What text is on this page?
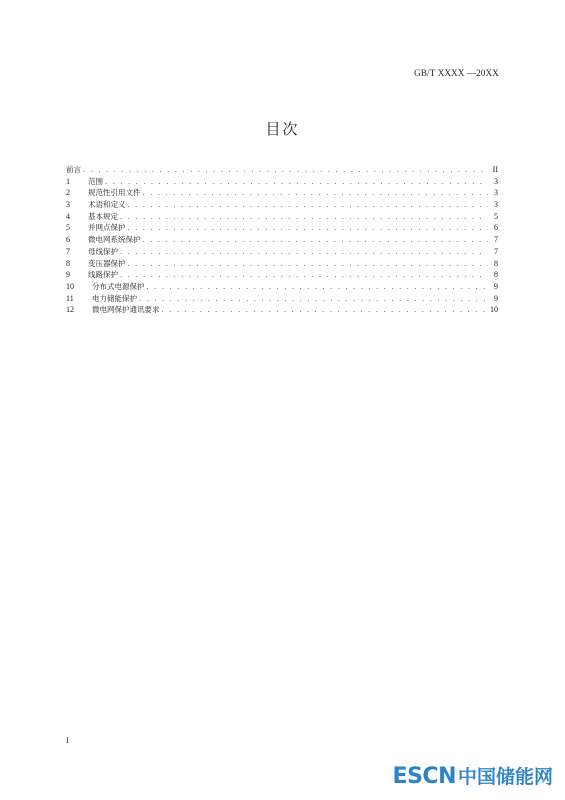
GB/T XXXX —20XX
目次
前言 . . .	II
1	范围 . . .	3
2	规范性引用文件 . . .	3
3	术语和定义 . . .	3
4	基本规定 . . .	5
5	并网点保护 . . .	6
6	微电网系统保护 . . .	7
7	母线保护 . . .	7
8	变压器保护 . . .	8
9	线路保护 . . .	8
10	分布式电源保护 . . .	9
11	电力储能保护 . . .	9
12	微电网保护通讯要求 . . .	10
I
ESCN 中国储能网
